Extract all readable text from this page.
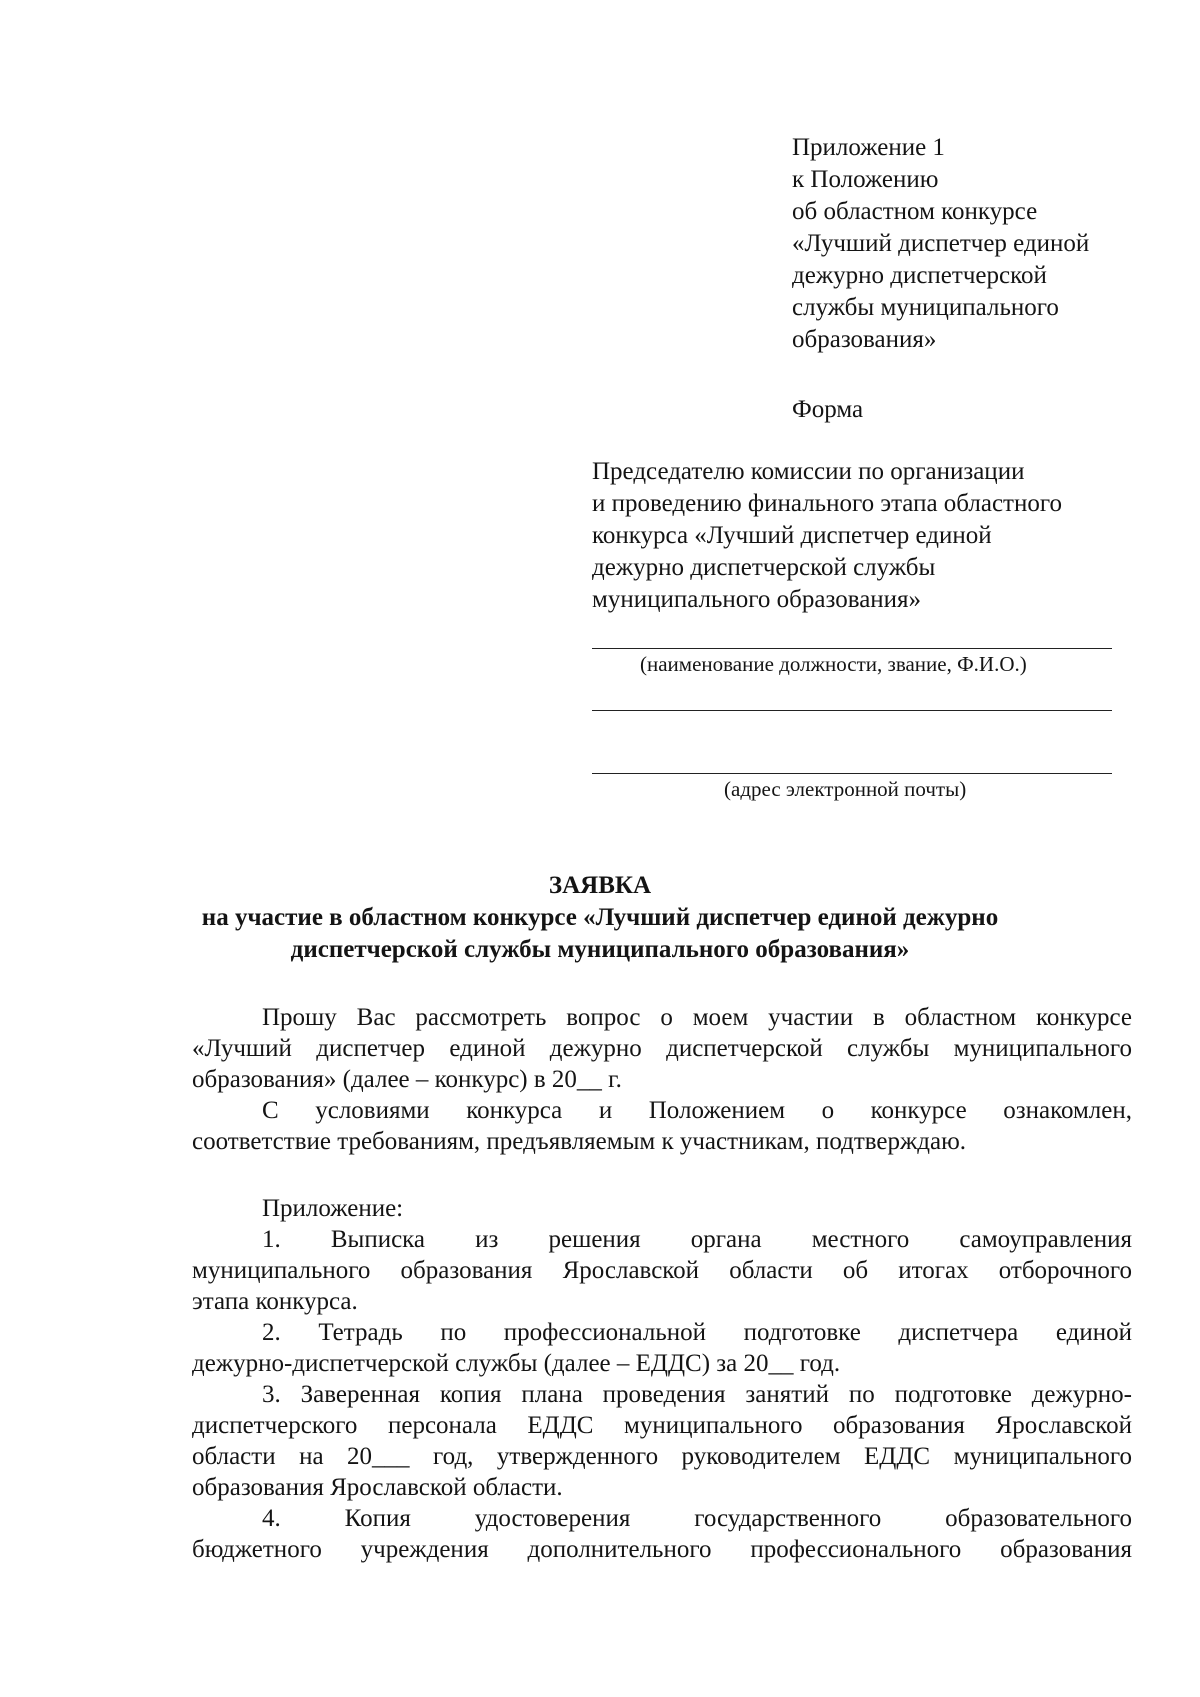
Приложение 1
к Положению
об областном конкурсе
«Лучший диспетчер единой
дежурно диспетчерской
службы муниципального
образования»
Форма
Председателю комиссии по организации
и проведению финального этапа областного
конкурса «Лучший диспетчер единой
дежурно диспетчерской службы
муниципального образования»
(наименование должности, звание, Ф.И.О.)
(адрес электронной почты)
ЗАЯВКА
на участие в областном конкурсе «Лучший диспетчер единой дежурно
диспетчерской службы муниципального образования»
Прошу Вас рассмотреть вопрос о моем участии в областном конкурсе
«Лучший диспетчер единой дежурно диспетчерской службы муниципального
образования» (далее – конкурс) в 20__ г.
С условиями конкурса и Положением о конкурсе ознакомлен,
соответствие требованиям, предъявляемым к участникам, подтверждаю.
Приложение:
1. Выписка из решения органа местного самоуправления
муниципального образования Ярославской области об итогах отборочного
этапа конкурса.
2. Тетрадь по профессиональной подготовке диспетчера единой
дежурно-диспетчерской службы (далее – ЕДДС) за 20__ год.
3. Заверенная копия плана проведения занятий по подготовке дежурно-
диспетчерского персонала ЕДДС муниципального образования Ярославской
области на 20___ год, утвержденного руководителем ЕДДС муниципального
образования Ярославской области.
4. Копия удостоверения государственного образовательного
бюджетного учреждения дополнительного профессионального образования
